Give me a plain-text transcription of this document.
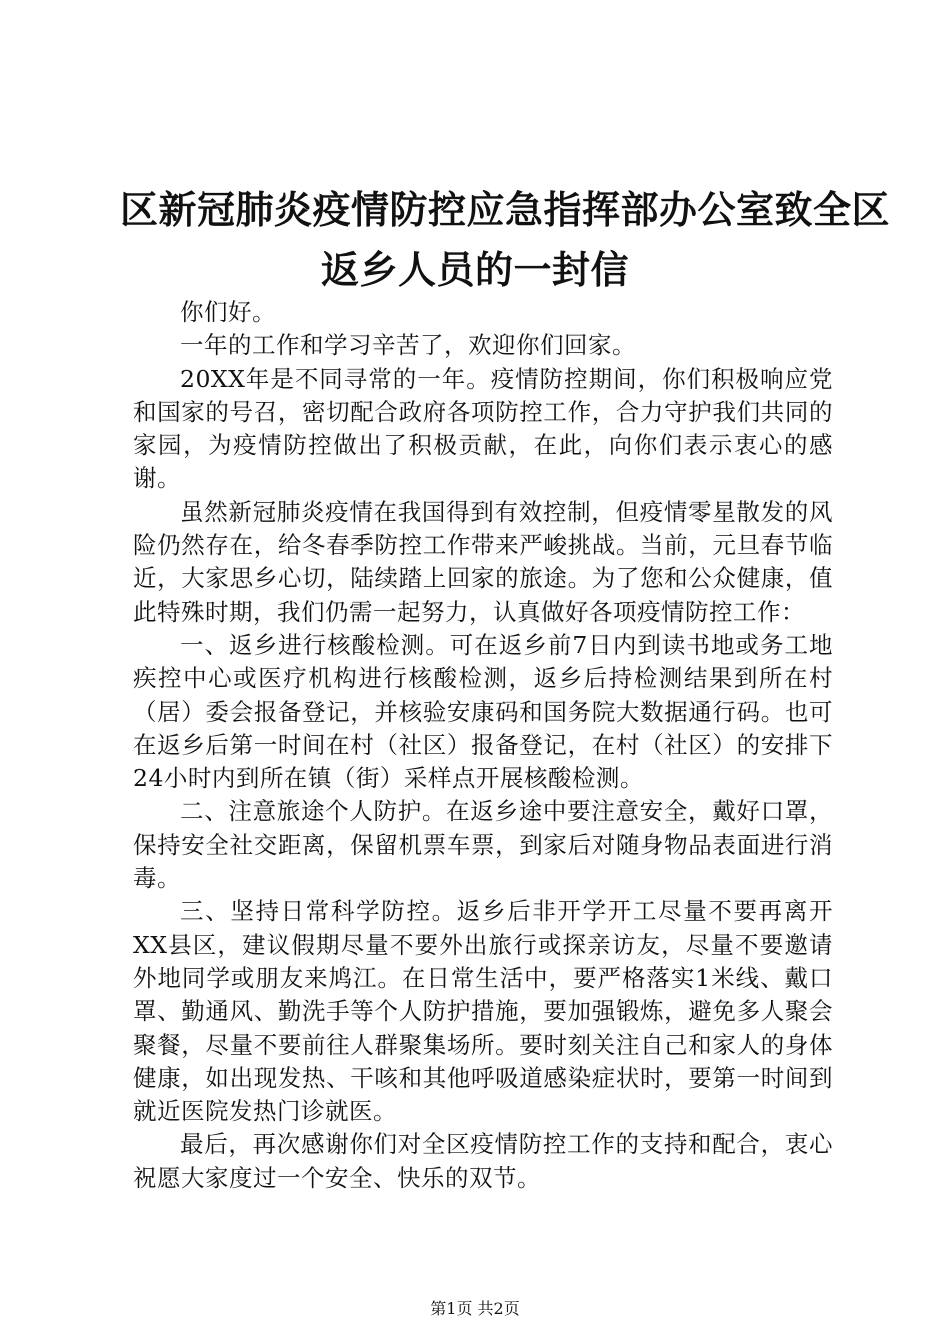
区新冠肺炎疫情防控应急指挥部办公室致全区
返乡人员的一封信

你们好。

一年的工作和学习辛苦了，欢迎你们回家。

20XX年是不同寻常的一年。疫情防控期间，你们积极响应党和国家的号召，密切配合政府各项防控工作，合力守护我们共同的家园，为疫情防控做出了积极贡献，在此，向你们表示衷心的感谢。

虽然新冠肺炎疫情在我国得到有效控制，但疫情零星散发的风险仍然存在，给冬春季防控工作带来严峻挑战。当前，元旦春节临近，大家思乡心切，陆续踏上回家的旅途。为了您和公众健康，值此特殊时期，我们仍需一起努力，认真做好各项疫情防控工作：

一、返乡进行核酸检测。可在返乡前7日内到读书地或务工地疾控中心或医疗机构进行核酸检测，返乡后持检测结果到所在村（居）委会报备登记，并核验安康码和国务院大数据通行码。也可在返乡后第一时间在村（社区）报备登记，在村（社区）的安排下24小时内到所在镇（街）采样点开展核酸检测。

二、注意旅途个人防护。在返乡途中要注意安全，戴好口罩，保持安全社交距离，保留机票车票，到家后对随身物品表面进行消毒。

三、坚持日常科学防控。返乡后非开学开工尽量不要再离开XX县区，建议假期尽量不要外出旅行或探亲访友，尽量不要邀请外地同学或朋友来鸠江。在日常生活中，要严格落实1米线、戴口罩、勤通风、勤洗手等个人防护措施，要加强锻炼，避免多人聚会聚餐，尽量不要前往人群聚集场所。要时刻关注自己和家人的身体健康，如出现发热、干咳和其他呼吸道感染症状时，要第一时间到就近医院发热门诊就医。

最后，再次感谢你们对全区疫情防控工作的支持和配合，衷心祝愿大家度过一个安全、快乐的双节。

第1页 共2页
